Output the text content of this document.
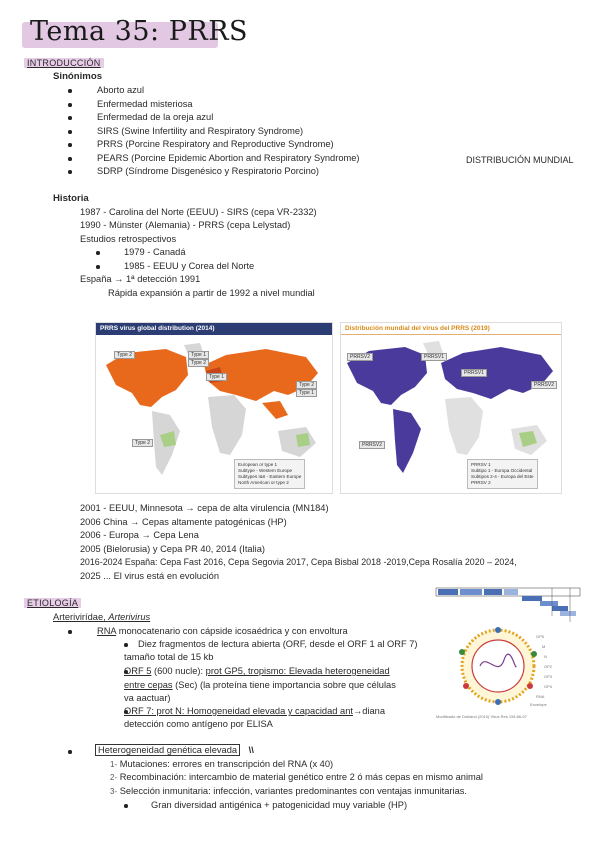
Tema 35: PRRS
INTRODUCCIÓN
Sinónimos
Aborto azul
Enfermedad misteriosa
Enfermedad de la oreja azul
SIRS (Swine Infertility and Respiratory Syndrome)
PRRS (Porcine Respiratory and Reproductive Syndrome)
PEARS (Porcine Epidemic Abortion and Respiratory Syndrome)
SDRP (Síndrome Disgenésico y Respiratorio Porcino)
DISTRIBUCIÓN MUNDIAL
Historia
1987 - Carolina del Norte (EEUU) - SIRS (cepa VR-2332)
1990 - Münster (Alemania) - PRRS (cepa Lelystad)
Estudios retrospectivos
1979 - Canadá
1985 - EEUU y Corea del Norte
España → 1ª detección 1991
Rápida expansión a partir de 1992 a nivel mundial
PRRS virus global distribution (2014)
Type 2	Type 1
Type 2
Type 2
Type 1
Type 2
Type 1
European or type 1
Subtype - Western Europe
Subtypes I&II - Eastern Europe
North American or type 2
Distribución mundial del virus del PRRS (2019)
PRRSV2	PRRSV1
PRRSV1
PRRSV2
PRRSV2
PRRSV 1
Subtipo 1 - Europa Occidental
Subtipos 2-4 - Europa del Este
PRRSV 2
2001 - EEUU, Minnesota → cepa de alta virulencia (MN184)
2006 China → Cepas altamente patogénicas (HP)
2006 - Europa → Cepa Lena
2005 (Bielorusia) y Cepa PR 40, 2014 (Italia)
2016-2024 España: Cepa Fast 2016, Cepa Segovia 2017, Cepa Bisbal 2018 -2019,Cepa Rosalía 2020 – 2024,
2025 ... El virus está en evolución
ETIOLOGÍA
Arterivirídae, Arterivirus
RNA monocatenario con cápside icosaédrica y con envoltura
Diez fragmentos de lectura abierta (ORF, desde el ORF 1 al ORF 7)
tamaño total de 15 kb
ORF 5 (600 nucle): prot GP5, tropismo: Elevada heterogeneidad
entre cepas (Sec) (la proteína tiene importancia sobre que células
va aactuar)
ORF 7: prot N: Homogeneidad elevada y capacidad ant→diana
detección como antígeno por ELISA
Heterogeneidad genética elevada \\
1- Mutaciones: errores en transcripción del RNA (x 40)
2- Recombinación: intercambio de material genético entre 2 ó más cepas en mismo animal
3- Selección inmunitaria: infección, variantes predominantes con ventajas inmunitarias.
Gran diversidad antigénica + patogenicidad muy variable (HP)
GP5
M
N
GP2
GP3
GP4
RNA
Envelope
Modificado de Dokland (2010) Virus Res 154:86-97
